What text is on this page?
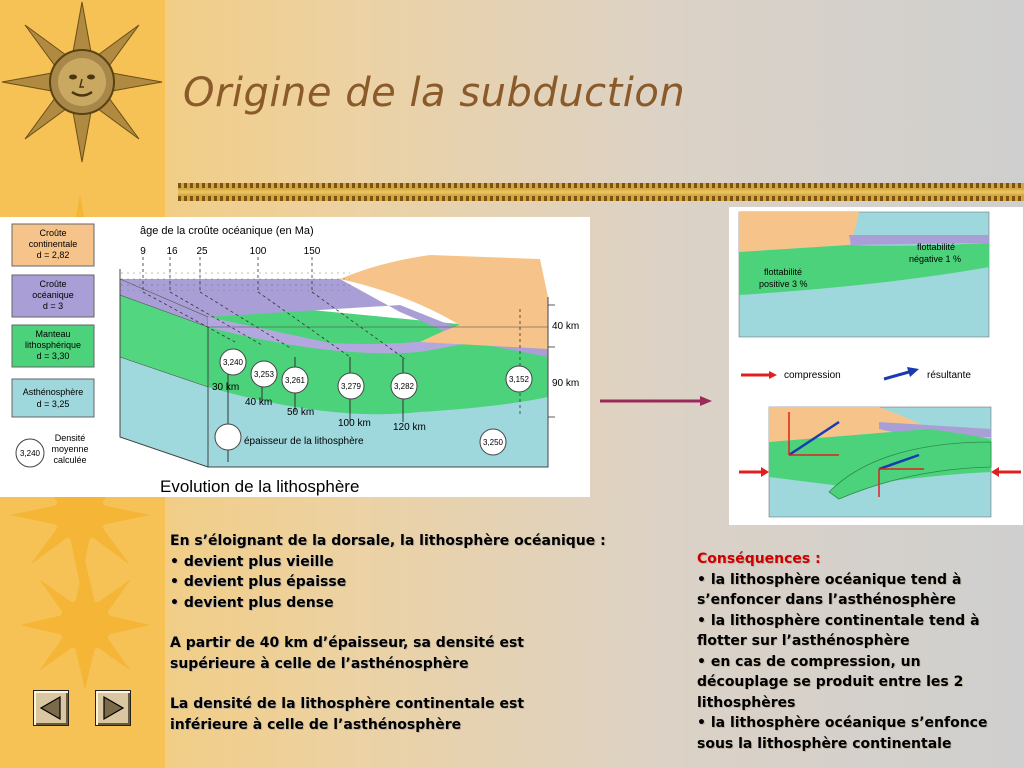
Origine de la subduction
Croûte
continentale
d = 2,82
Croûte
océanique
d = 3
Manteau
lithosphérique
d = 3,30
Asthénosphère
d = 3,25
3,240
Densité
moyenne
calculée
âge de la croûte océanique (en Ma)
9 16 25	100	150
3,240
3,253
3,261
3,279	3,282
3,152
3,250
30 km
40 km
50 km
100 km 120 km
40 km
90 km
épaisseur de la lithosphère
Evolution de la lithosphère
flottabilité
négative 1 %
flottabilité
positive 3 %
compression	résultante
En s’éloignant de la dorsale, la lithosphère océanique :
• devient plus vieille
• devient plus épaisse
• devient plus dense
A partir de 40 km d’épaisseur, sa densité est
supérieure à celle de l’asthénosphère
La densité de la lithosphère continentale est
inférieure à celle de l’asthénosphère
Conséquences :
• la lithosphère océanique tend à
s’enfoncer dans l’asthénosphère
• la lithosphère continentale tend à
flotter sur l’asthénosphère
• en cas de compression, un
découplage se produit entre les 2
lithosphères
• la lithosphère océanique s’enfonce
sous la lithosphère continentale
